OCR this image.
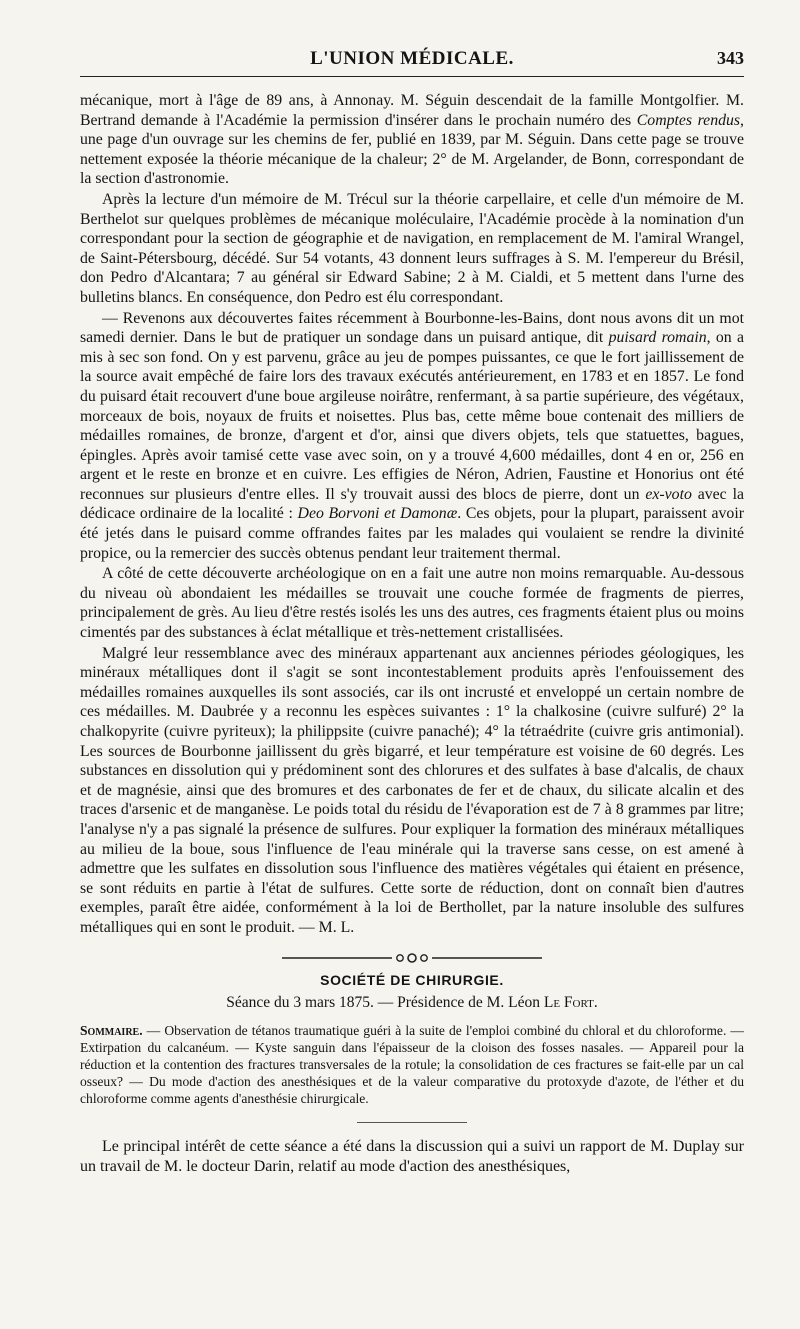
L'UNION MÉDICALE.	343

mécanique, mort à l'âge de 89 ans, à Annonay. M. Séguin descendait de la famille Montgolfier. M. Bertrand demande à l'Académie la permission d'insérer dans le prochain numéro des Comptes rendus, une page d'un ouvrage sur les chemins de fer, publié en 1839, par M. Séguin. Dans cette page se trouve nettement exposée la théorie mécanique de la chaleur; 2° de M. Argelander, de Bonn, correspondant de la section d'astronomie.

Après la lecture d'un mémoire de M. Trécul sur la théorie carpellaire, et celle d'un mémoire de M. Berthelot sur quelques problèmes de mécanique moléculaire, l'Académie procède à la nomination d'un correspondant pour la section de géographie et de navigation, en remplacement de M. l'amiral Wrangel, de Saint-Pétersbourg, décédé. Sur 54 votants, 43 donnent leurs suffrages à S. M. l'empereur du Brésil, don Pedro d'Alcantara; 7 au général sir Edward Sabine; 2 à M. Cialdi, et 5 mettent dans l'urne des bulletins blancs. En conséquence, don Pedro est élu correspondant.

— Revenons aux découvertes faites récemment à Bourbonne-les-Bains, dont nous avons dit un mot samedi dernier. Dans le but de pratiquer un sondage dans un puisard antique, dit puisard romain, on a mis à sec son fond. On y est parvenu, grâce au jeu de pompes puissantes, ce que le fort jaillissement de la source avait empêché de faire lors des travaux exécutés antérieurement, en 1783 et en 1857. Le fond du puisard était recouvert d'une boue argileuse noirâtre, renfermant, à sa partie supérieure, des végétaux, morceaux de bois, noyaux de fruits et noisettes. Plus bas, cette même boue contenait des milliers de médailles romaines, de bronze, d'argent et d'or, ainsi que divers objets, tels que statuettes, bagues, épingles. Après avoir tamisé cette vase avec soin, on y a trouvé 4,600 médailles, dont 4 en or, 256 en argent et le reste en bronze et en cuivre. Les effigies de Néron, Adrien, Faustine et Honorius ont été reconnues sur plusieurs d'entre elles. Il s'y trouvait aussi des blocs de pierre, dont un ex-voto avec la dédicace ordinaire de la localité : Deo Borvoni et Damonæ. Ces objets, pour la plupart, paraissent avoir été jetés dans le puisard comme offrandes faites par les malades qui voulaient se rendre la divinité propice, ou la remercier des succès obtenus pendant leur traitement thermal.

A côté de cette découverte archéologique on en a fait une autre non moins remarquable. Au-dessous du niveau où abondaient les médailles se trouvait une couche formée de fragments de pierres, principalement de grès. Au lieu d'être restés isolés les uns des autres, ces fragments étaient plus ou moins cimentés par des substances à éclat métallique et très-nettement cristallisées.

Malgré leur ressemblance avec des minéraux appartenant aux anciennes périodes géologiques, les minéraux métalliques dont il s'agit se sont incontestablement produits après l'enfouissement des médailles romaines auxquelles ils sont associés, car ils ont incrusté et enveloppé un certain nombre de ces médailles. M. Daubrée y a reconnu les espèces suivantes : 1° la chalkosine (cuivre sulfuré) 2° la chalkopyrite (cuivre pyriteux); la philippsite (cuivre panaché); 4° la tétraédrite (cuivre gris antimonial). Les sources de Bourbonne jaillissent du grès bigarré, et leur température est voisine de 60 degrés. Les substances en dissolution qui y prédominent sont des chlorures et des sulfates à base d'alcalis, de chaux et de magnésie, ainsi que des bromures et des carbonates de fer et de chaux, du silicate alcalin et des traces d'arsenic et de manganèse. Le poids total du résidu de l'évaporation est de 7 à 8 grammes par litre; l'analyse n'y a pas signalé la présence de sulfures. Pour expliquer la formation des minéraux métalliques au milieu de la boue, sous l'influence de l'eau minérale qui la traverse sans cesse, on est amené à admettre que les sulfates en dissolution sous l'influence des matières végétales qui étaient en présence, se sont réduits en partie à l'état de sulfures. Cette sorte de réduction, dont on connaît bien d'autres exemples, paraît être aidée, conformément à la loi de Berthollet, par la nature insoluble des sulfures métalliques qui en sont le produit. — M. L.

SOCIÉTÉ DE CHIRURGIE.
Séance du 3 mars 1875. — Présidence de M. Léon Le Fort.

Sommaire. — Observation de tétanos traumatique guéri à la suite de l'emploi combiné du chloral et du chloroforme. — Extirpation du calcanéum. — Kyste sanguin dans l'épaisseur de la cloison des fosses nasales. — Appareil pour la réduction et la contention des fractures transversales de la rotule; la consolidation de ces fractures se fait-elle par un cal osseux? — Du mode d'action des anesthésiques et de la valeur comparative du protoxyde d'azote, de l'éther et du chloroforme comme agents d'anesthésie chirurgicale.

Le principal intérêt de cette séance a été dans la discussion qui a suivi un rapport de M. Duplay sur un travail de M. le docteur Darin, relatif au mode d'action des anesthésiques,
